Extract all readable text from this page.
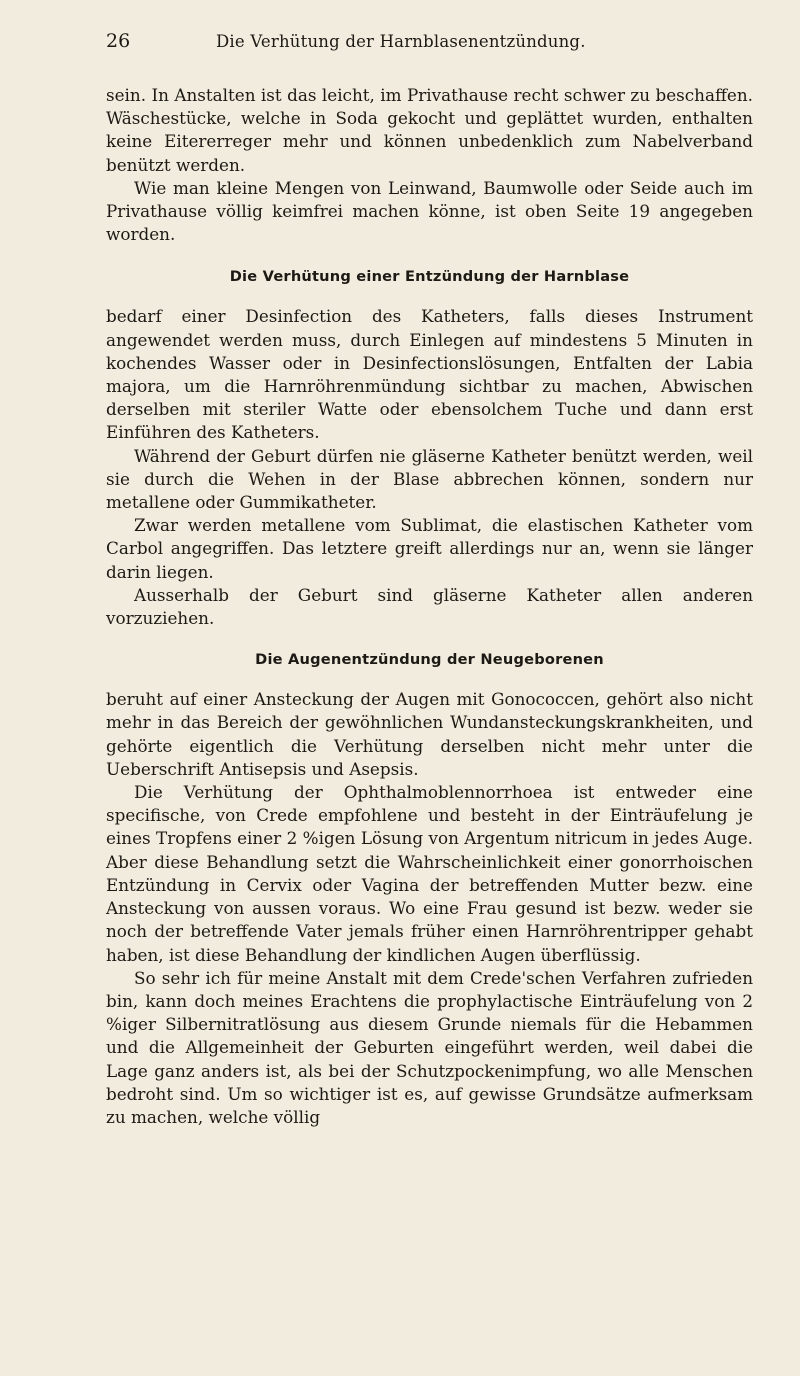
26	Die Verhütung der Harnblasenentzündung.

sein. In Anstalten ist das leicht, im Privathause recht schwer zu beschaffen. Wäschestücke, welche in Soda gekocht und geplättet wurden, enthalten keine Eitererreger mehr und können unbedenklich zum Nabelverband benützt werden.

Wie man kleine Mengen von Leinwand, Baumwolle oder Seide auch im Privathause völlig keimfrei machen könne, ist oben Seite 19 angegeben worden.

Die Verhütung einer Entzündung der Harnblase

bedarf einer Desinfection des Katheters, falls dieses Instrument angewendet werden muss, durch Einlegen auf mindestens 5 Minuten in kochendes Wasser oder in Desinfectionslösungen, Entfalten der Labia majora, um die Harnröhrenmündung sichtbar zu machen, Abwischen derselben mit steriler Watte oder ebensolchem Tuche und dann erst Einführen des Katheters.

Während der Geburt dürfen nie gläserne Katheter benützt werden, weil sie durch die Wehen in der Blase abbrechen können, sondern nur metallene oder Gummikatheter.

Zwar werden metallene vom Sublimat, die elastischen Katheter vom Carbol angegriffen. Das letztere greift allerdings nur an, wenn sie länger darin liegen.

Ausserhalb der Geburt sind gläserne Katheter allen anderen vorzuziehen.

Die Augenentzündung der Neugeborenen

beruht auf einer Ansteckung der Augen mit Gonococcen, gehört also nicht mehr in das Bereich der gewöhnlichen Wundansteckungskrankheiten, und gehörte eigentlich die Verhütung derselben nicht mehr unter die Ueberschrift Antisepsis und Asepsis.

Die Verhütung der Ophthalmoblennorrhoea ist entweder eine specifische, von Crede empfohlene und besteht in der Einträufelung je eines Tropfens einer 2 %igen Lösung von Argentum nitricum in jedes Auge. Aber diese Behandlung setzt die Wahrscheinlichkeit einer gonorrhoischen Entzündung in Cervix oder Vagina der betreffenden Mutter bezw. eine Ansteckung von aussen voraus. Wo eine Frau gesund ist bezw. weder sie noch der betreffende Vater jemals früher einen Harnröhrentripper gehabt haben, ist diese Behandlung der kindlichen Augen überflüssig.

So sehr ich für meine Anstalt mit dem Crede'schen Verfahren zufrieden bin, kann doch meines Erachtens die prophylactische Einträufelung von 2 %iger Silbernitratlösung aus diesem Grunde niemals für die Hebammen und die Allgemeinheit der Geburten eingeführt werden, weil dabei die Lage ganz anders ist, als bei der Schutzpockenimpfung, wo alle Menschen bedroht sind. Um so wichtiger ist es, auf gewisse Grundsätze aufmerksam zu machen, welche völlig
